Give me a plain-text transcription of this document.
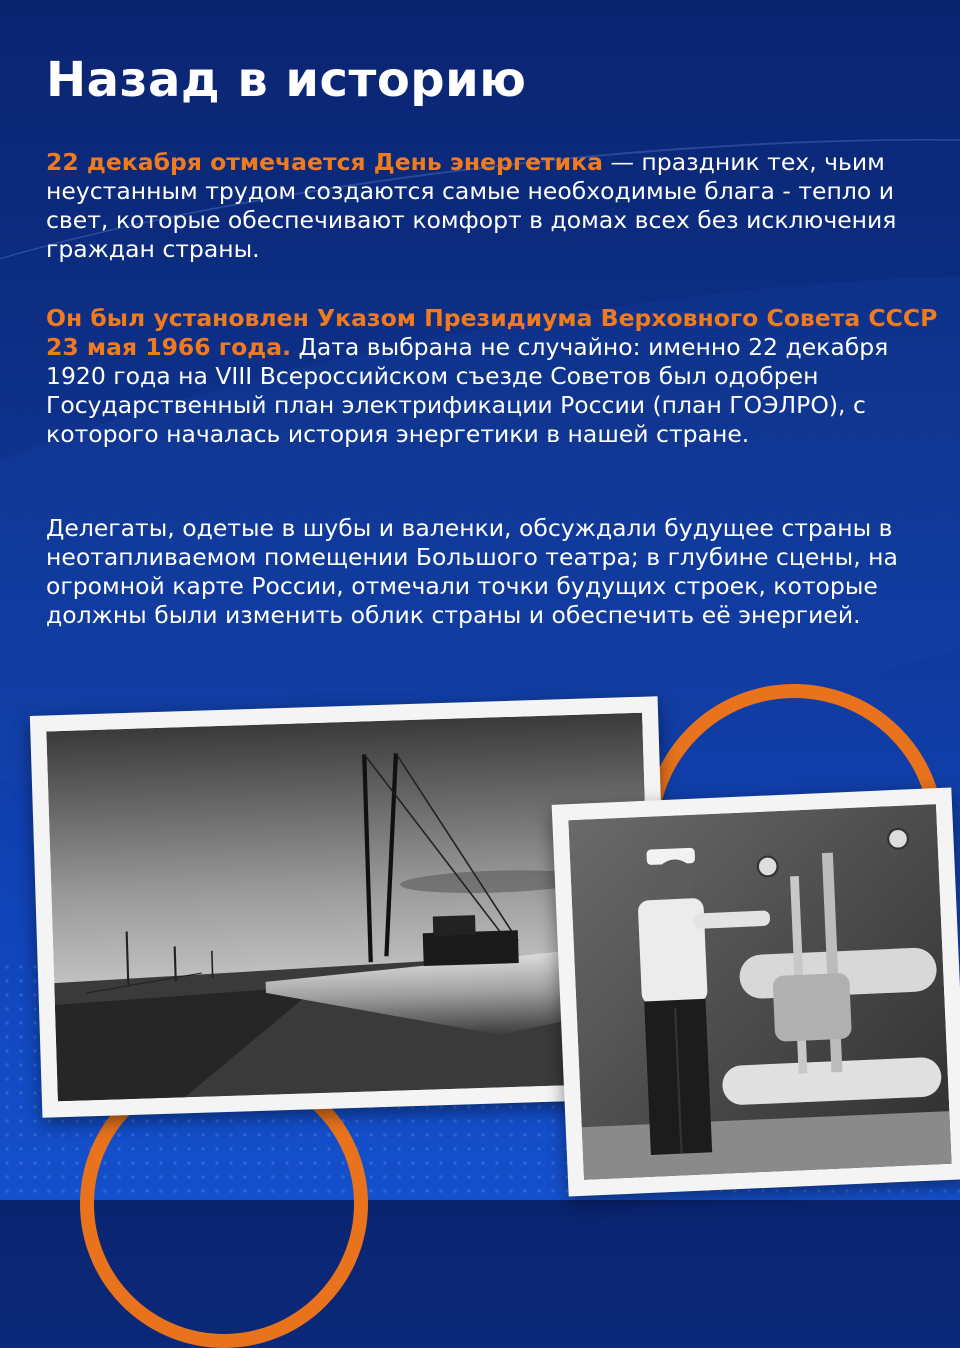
Назад в историю

22 декабря отмечается День энергетика — праздник тех, чьим неустанным трудом создаются самые необходимые блага - тепло и свет, которые обеспечивают комфорт в домах всех без исключения граждан страны.

Он был установлен Указом Президиума Верховного Совета СССР 23 мая 1966 года. Дата выбрана не случайно: именно 22 декабря 1920 года на VIII Всероссийском съезде Советов был одобрен Государственный план электрификации России (план ГОЭЛРО), с которого началась история энергетики в нашей стране.

Делегаты, одетые в шубы и валенки, обсуждали будущее страны в неотапливаемом помещении Большого театра; в глубине сцены, на огромной карте России, отмечали точки будущих строек, которые должны были изменить облик страны и обеспечить её энергией.
